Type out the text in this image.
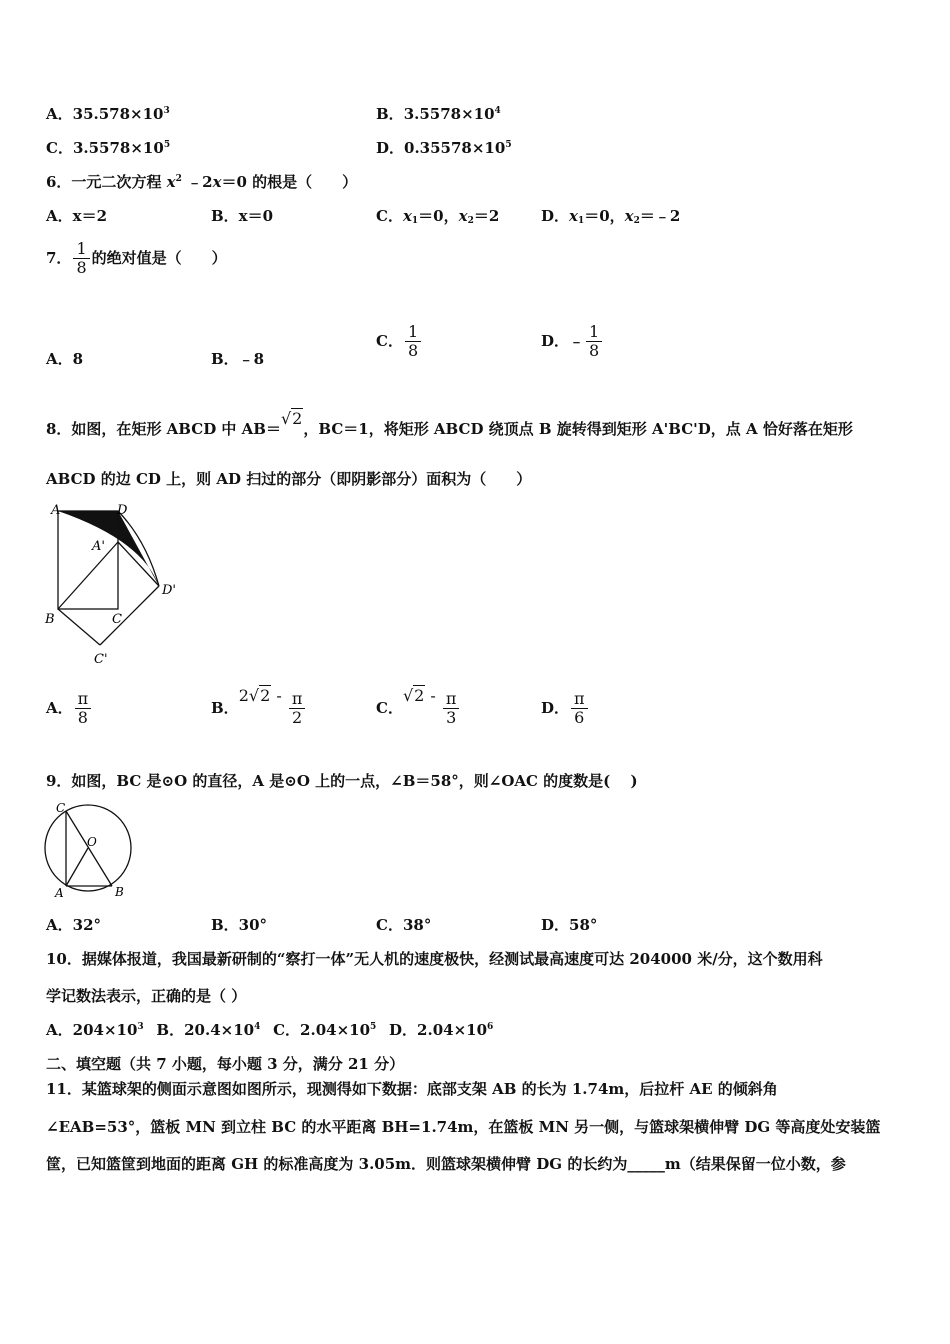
A．$35.578\times 10^3$	B．$3.5578\times 10^4$
C．$3.5578\times 10^5$	D．$0.35578\times 10^5$
6．一元二次方程 $x^2$ ﹣2x＝0 的根是（　　）
A．x＝2	B．x＝0	C．$x_1=0$，$x_2=2$	D．$x_1=0$，$x_2=﹣2$
7． $\frac{1}{8}$ 的绝对值是（　　）
A．8	B．﹣8
C． $\frac{1}{8}$	D．﹣ $\frac{1}{8}$
8．如图，在矩形 ABCD 中 AB＝√2，BC＝1，将矩形 ABCD 绕顶点 B 旋转得到矩形 A'BC'D，点 A 恰好落在矩形
ABCD 的边 CD 上，则 AD 扫过的部分（即阴影部分）面积为（　　）
A	D
A'
B	C
D'
C'
A． $\frac{\pi}{8}$	B．$2√2 - \frac{\pi}{2}$	C．$√2 - \frac{\pi}{3}$	D． $\frac{\pi}{6}$
9．如图，BC 是⊙O 的直径，A 是⊙O 上的一点，∠B＝58°，则∠OAC 的度数是(　 )
C
O
A	B
A．32°	B．30°	C．38°	D．58°
10．据媒体报道，我国最新研制的“察打一体”无人机的速度极快，经测试最高速度可达 204000 米/分，这个数用科
学记数法表示，正确的是（ ）
A．$204\times 10^3$  B．$20.4\times 10^4$  C．$2.04\times 10^5$  D．$2.04\times 10^6$
二、填空题（共 7 小题，每小题 3 分，满分 21 分）
11．某篮球架的侧面示意图如图所示，现测得如下数据：底部支架 AB 的长为 1.74m，后拉杆 AE 的倾斜角
∠EAB=53°，篮板 MN 到立柱 BC 的水平距离 BH=1.74m，在篮板 MN 另一侧，与篮球架横伸臂 DG 等高度处安装篮
筐，已知篮筐到地面的距离 GH 的标准高度为 3.05m．则篮球架横伸臂 DG 的长约为_____m（结果保留一位小数，参
